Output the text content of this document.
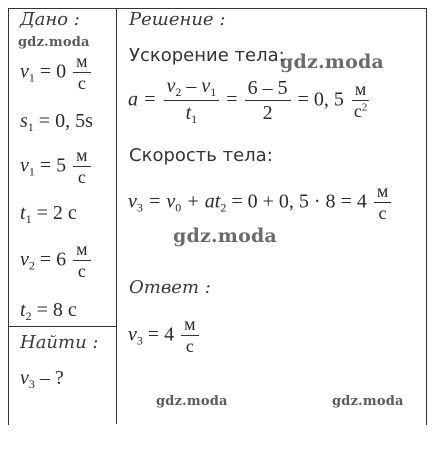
Дано :	Решение :
gdz.moda
gdz.moda
gdz.moda
gdz.moda	gdz.moda
$v_1 = 0 \frac{м}{с}$
$s_1 = 0$, 5s
$v_1 = 5 \frac{м}{с}$
$t_1 = 2$ с
$v_2 = 6 \frac{м}{с}$
$t_2 = 8$ с
Найти :
$v_3$ – ?
Ускорение тела:
$a = \frac{v_2 - v_1}{t_1} = \frac{6 - 5}{2} = 0$, $5 \frac{м}{с^2}$
Скорость тела:
$v_3 = v_0 + at_2 = 0 + 0$, $5 \cdot 8 = 4 \frac{м}{с}$
Ответ :
$v_3 = 4 \frac{м}{с}$
